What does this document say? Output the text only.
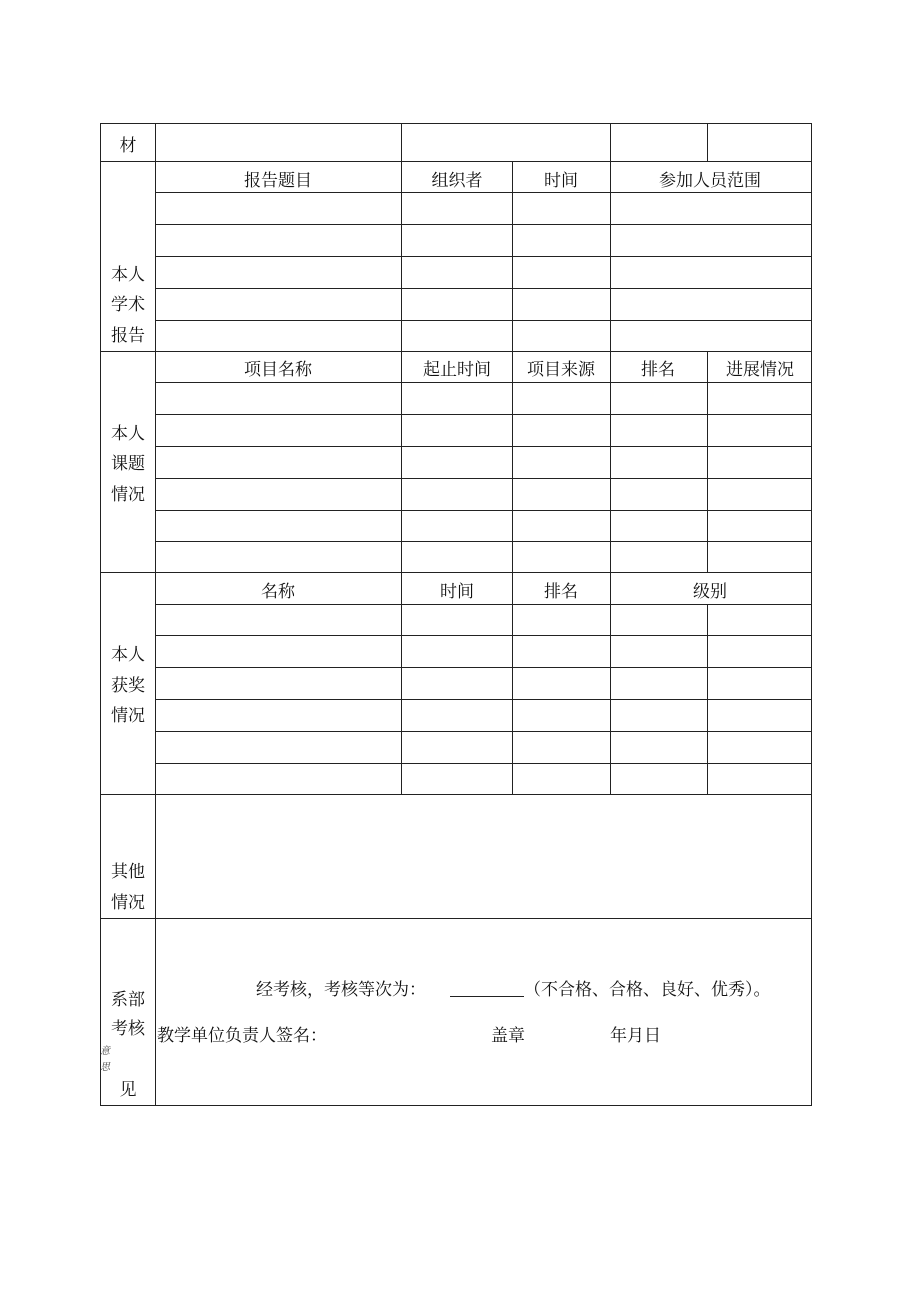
材
本人
学术
报告
报告题目	组织者	时间	参加人员范围
本人
课题
情况
项目名称	起止时间 项目来源	排名	进展情况
本人
获奖
情况
名称	时间	排名	级别
其他
情况
系部
考核
意 思
见
经考核，考核等次为：	（不合格、合格、良好、优秀）。
教学单位负责人签名：	盖章	年月日
